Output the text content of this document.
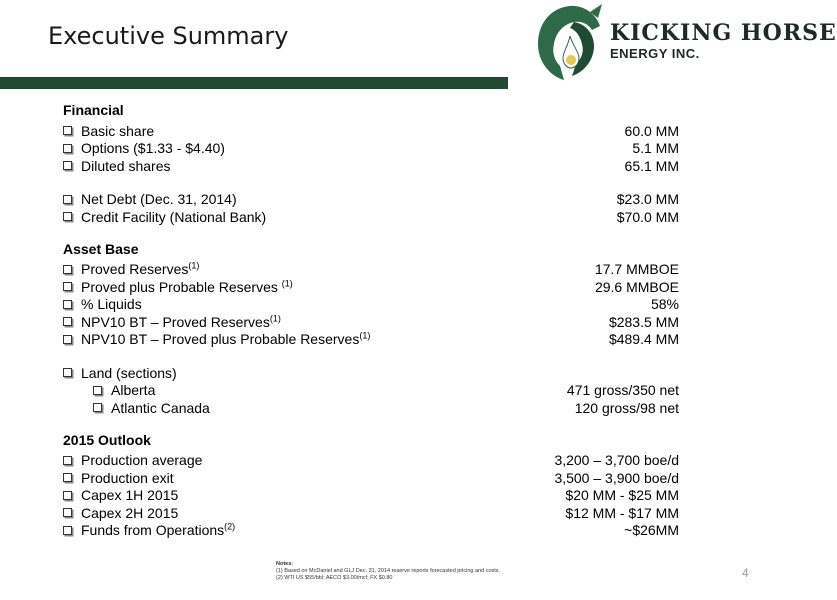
Executive Summary	KICKING HORSE
ENERGY INC.
Financial
Basic share	60.0 MM
Options ($1.33 - $4.40)	5.1 MM
Diluted shares	65.1 MM
Net Debt (Dec. 31, 2014)	$23.0 MM
Credit Facility (National Bank)	$70.0 MM
Asset Base
Proved Reserves$^{(1)}$	17.7 MMBOE
Proved plus Probable Reserves $^{(1)}$	29.6 MMBOE
% Liquids	58%
NPV10 BT – Proved Reserves$^{(1)}$	$283.5 MM
NPV10 BT – Proved plus Probable Reserves$^{(1)}$	$489.4 MM
Land (sections)
Alberta	471 gross/350 net
Atlantic Canada	120 gross/98 net
2015 Outlook
Production average	3,200 – 3,700 boe/d
Production exit	3,500 – 3,900 boe/d
Capex 1H 2015	$20 MM - $25 MM
Capex 2H 2015	$12 MM - $17 MM
Funds from Operations$^{(2)}$	~$26MM
Notes:
(1) Based on McDaniel and GLJ Dec. 31, 2014 reserve reports forecasted pricing and costs.
(2) WTI US $55/bbl; AECO $3.00/mcf; FX $0.80	4
